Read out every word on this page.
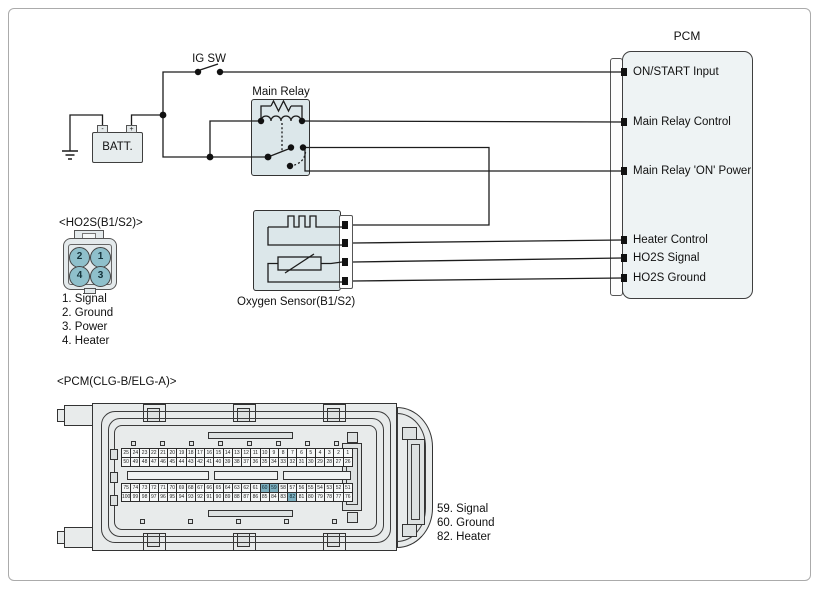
-	+
PCM
IG SW
BATT.
Main Relay
Oxygen Sensor(B1/S2)
<HO2S(B1/S2)>
2	1
4	3
1. Signal
2. Ground
3. Power
4. Heater
ON/START Input
Main Relay Control
Main Relay 'ON' Power
Heater Control
HO2S Signal
HO2S Ground
<PCM(CLG-B/ELG-A)>
25 24 23 22 21 20 19 18 17 16 15 14 13 12 11 10	9	8	7	6	5	4	3	2	1
50 49 48 47 46 45 44 43 42 41 40 39 38 37 36 35 34 33 32 31 30 29 28 27 26
75 74 73 72 71 70 69 68 67 66 65 64 63 62 61 60 59 58 57 56 55 54 53 52 51
100 99 98 97 96 95 94 93 92 91 90 89 88 87 86 85 84 83 82 81 80 79 78 77 76
59. Signal
60. Ground
82. Heater
